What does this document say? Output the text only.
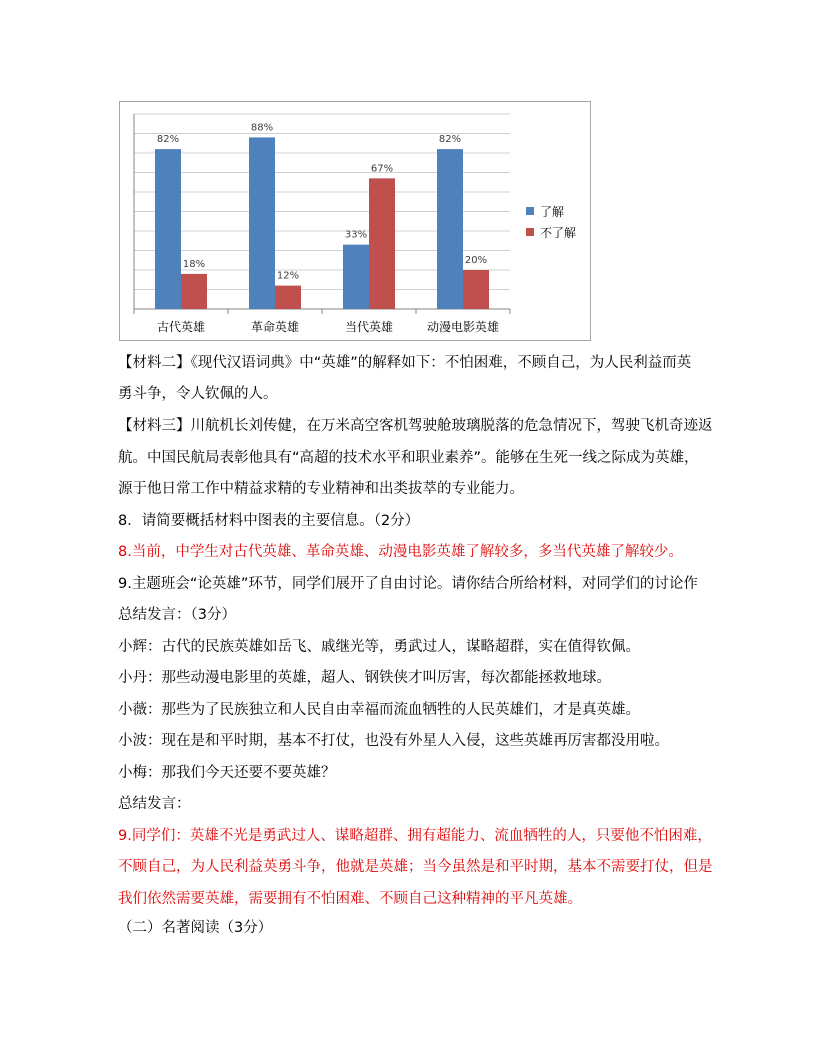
82%
18%
古代英雄
88%
12%
革命英雄
33%
67%
当代英雄
82%
20%
动漫电影英雄
了解
不了解
【材料二】《现代汉语词典》中“英雄”的解释如下：不怕困难，不顾自己，为人民利益而英
勇斗争，令人钦佩的人。
【材料三】川航机长刘传健，在万米高空客机驾驶舱玻璃脱落的危急情况下，驾驶飞机奇迹返
航。中国民航局表彰他具有“高超的技术水平和职业素养”。能够在生死一线之际成为英雄，
源于他日常工作中精益求精的专业精神和出类拔萃的专业能力。
8．请简要概括材料中图表的主要信息。（2分）
8.当前，中学生对古代英雄、革命英雄、动漫电影英雄了解较多，多当代英雄了解较少。
9.主题班会“论英雄”环节，同学们展开了自由讨论。请你结合所给材料，对同学们的讨论作
总结发言：（3分）
小辉：古代的民族英雄如岳飞、戚继光等，勇武过人，谋略超群，实在值得钦佩。
小丹：那些动漫电影里的英雄，超人、钢铁侠才叫厉害，每次都能拯救地球。
小薇：那些为了民族独立和人民自由幸福而流血牺牲的人民英雄们，才是真英雄。
小波：现在是和平时期，基本不打仗，也没有外星人入侵，这些英雄再厉害都没用啦。
小梅：那我们今天还要不要英雄？
总结发言：
9.同学们：英雄不光是勇武过人、谋略超群、拥有超能力、流血牺牲的人，只要他不怕困难，
不顾自己，为人民利益英勇斗争，他就是英雄；当今虽然是和平时期，基本不需要打仗，但是
我们依然需要英雄，需要拥有不怕困难、不顾自己这种精神的平凡英雄。
（二）名著阅读（3分）
